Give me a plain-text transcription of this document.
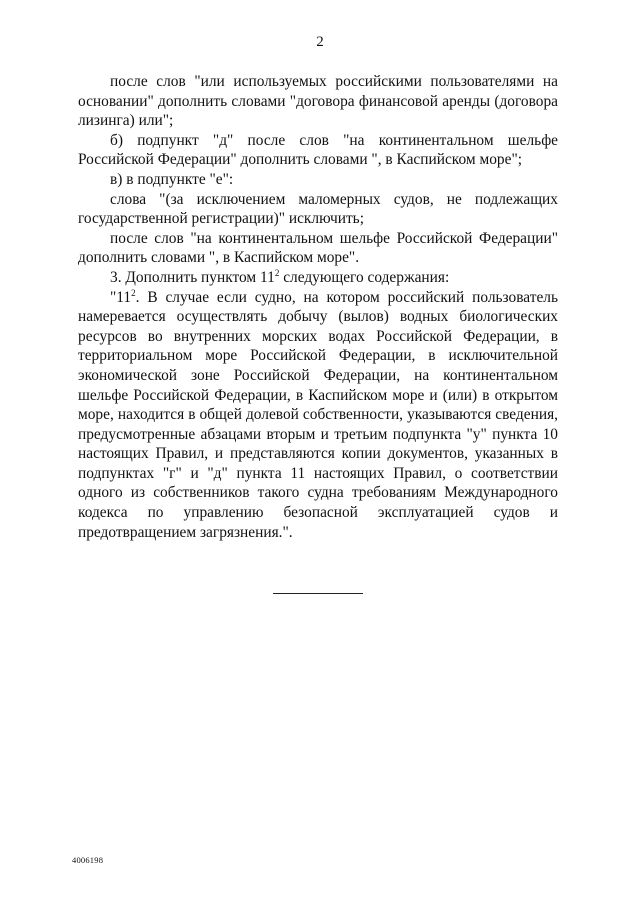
2

после слов "или используемых российскими пользователями на основании" дополнить словами "договора финансовой аренды (договора лизинга) или";

б) подпункт "д" после слов "на континентальном шельфе Российской Федерации" дополнить словами ", в Каспийском море";

в) в подпункте "е":

слова "(за исключением маломерных судов, не подлежащих государственной регистрации)" исключить;

после слов "на континентальном шельфе Российской Федерации" дополнить словами ", в Каспийском море".

3. Дополнить пунктом $11^2$ следующего содержания:

"$11^2$. В случае если судно, на котором российский пользователь намеревается осуществлять добычу (вылов) водных биологических ресурсов во внутренних морских водах Российской Федерации, в территориальном море Российской Федерации, в исключительной экономической зоне Российской Федерации, на континентальном шельфе Российской Федерации, в Каспийском море и (или) в открытом море, находится в общей долевой собственности, указываются сведения, предусмотренные абзацами вторым и третьим подпункта "у" пункта 10 настоящих Правил, и представляются копии документов, указанных в подпунктах "г" и "д" пункта 11 настоящих Правил, о соответствии одного из собственников такого судна требованиям Международного кодекса по управлению безопасной эксплуатацией судов и предотвращением загрязнения.".

4006198
